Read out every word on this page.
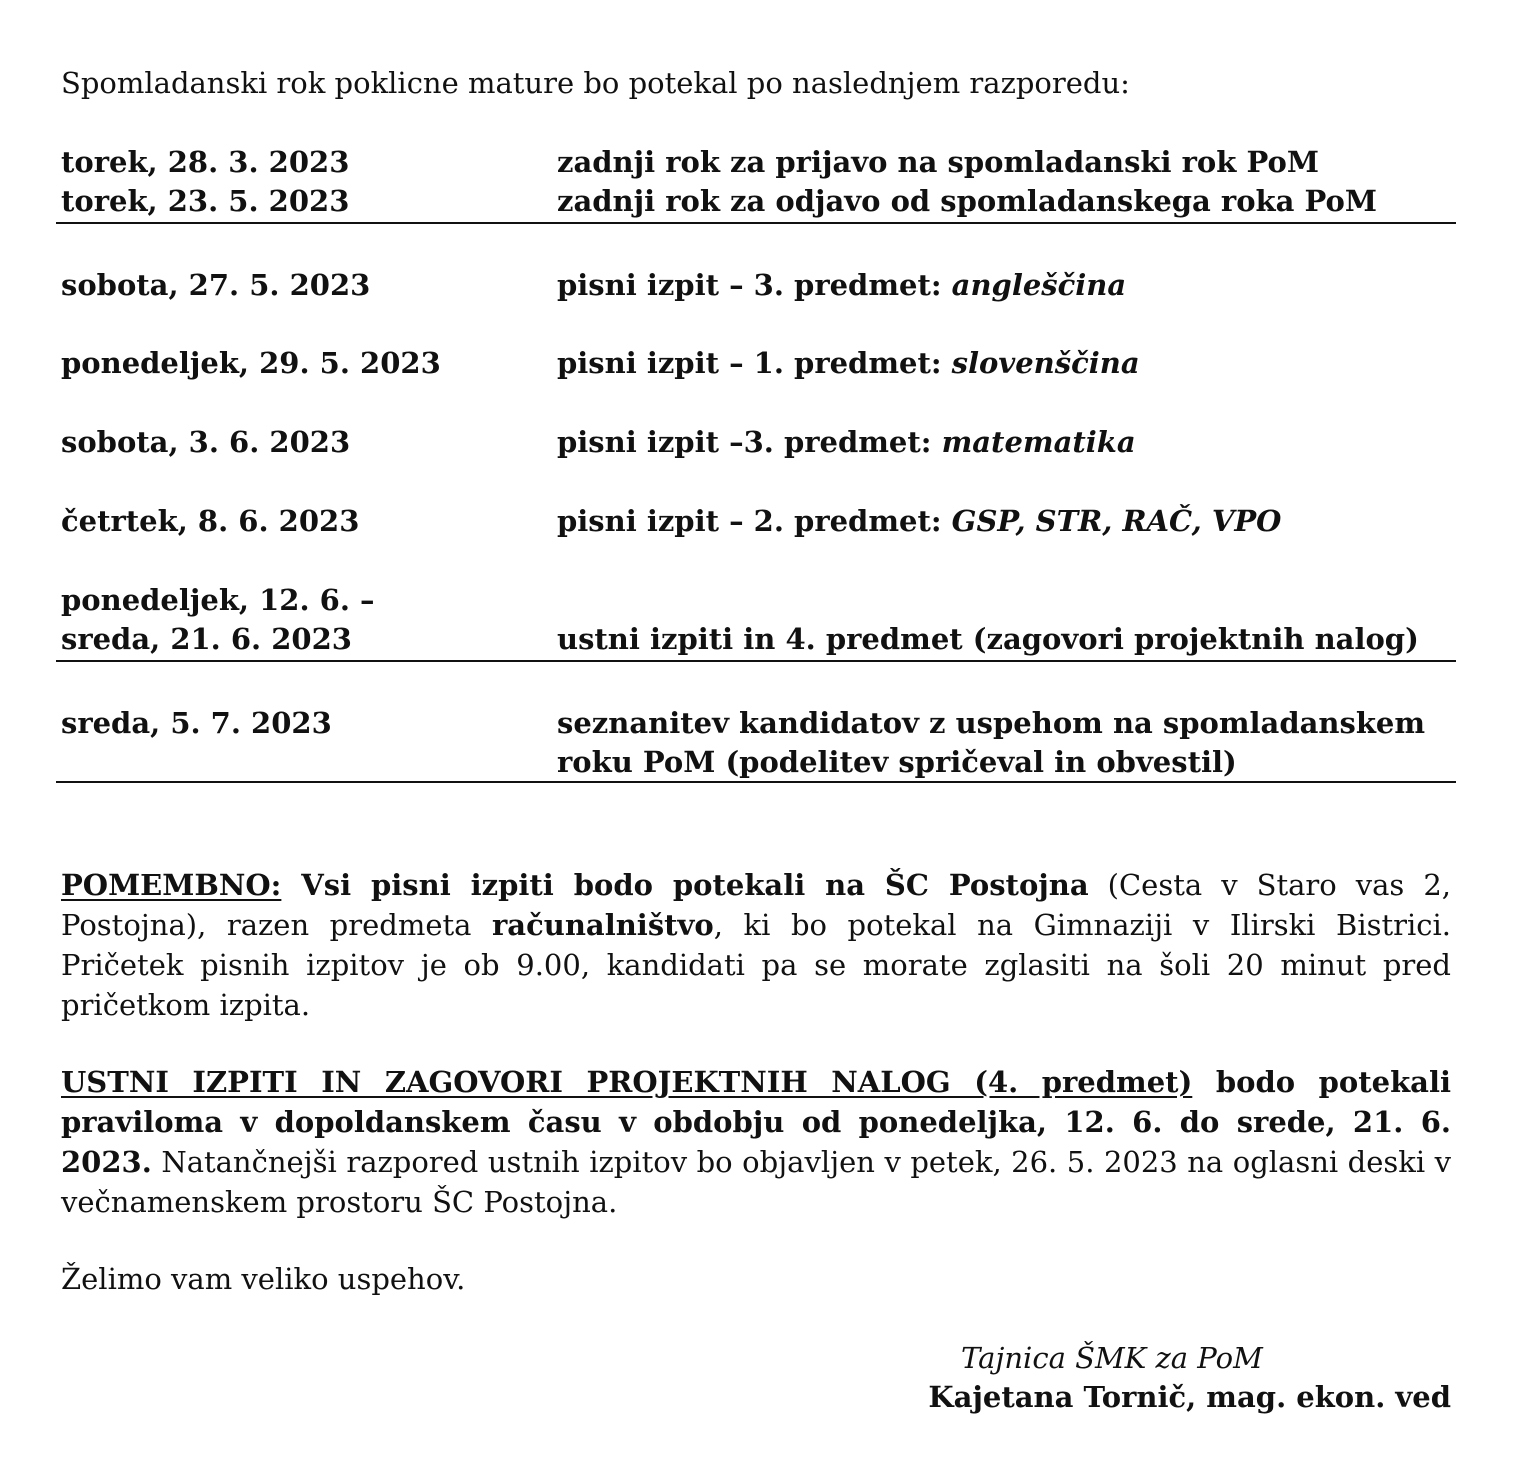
Spomladanski rok poklicne mature bo potekal po naslednjem razporedu:
torek, 28. 3. 2023	zadnji rok za prijavo na spomladanski rok PoM
torek, 23. 5. 2023	zadnji rok za odjavo od spomladanskega roka PoM
sobota, 27. 5. 2023	pisni izpit – 3. predmet: angleščina
ponedeljek, 29. 5. 2023	pisni izpit – 1. predmet: slovenščina
sobota, 3. 6. 2023	pisni izpit –3. predmet: matematika
četrtek, 8. 6. 2023	pisni izpit – 2. predmet: GSP, STR, RAČ, VPO
ponedeljek, 12. 6. –
sreda, 21. 6. 2023	ustni izpiti in 4. predmet (zagovori projektnih nalog)
sreda, 5. 7. 2023	seznanitev kandidatov z uspehom na spomladanskem
roku PoM (podelitev spričeval in obvestil)
POMEMBNO: Vsi pisni izpiti bodo potekali na ŠC Postojna (Cesta v Staro vas 2, Postojna), razen predmeta računalništvo, ki bo potekal na Gimnaziji v Ilirski Bistrici. Pričetek pisnih izpitov je ob 9.00, kandidati pa se morate zglasiti na šoli 20 minut pred pričetkom izpita.
USTNI IZPITI IN ZAGOVORI PROJEKTNIH NALOG (4. predmet) bodo potekali praviloma v dopoldanskem času v obdobju od ponedeljka, 12. 6. do srede, 21. 6. 2023. Natančnejši razpored ustnih izpitov bo objavljen v petek, 26. 5. 2023 na oglasni deski v večnamenskem prostoru ŠC Postojna.
Želimo vam veliko uspehov.
Tajnica ŠMK za PoM
Kajetana Tornič, mag. ekon. ved
